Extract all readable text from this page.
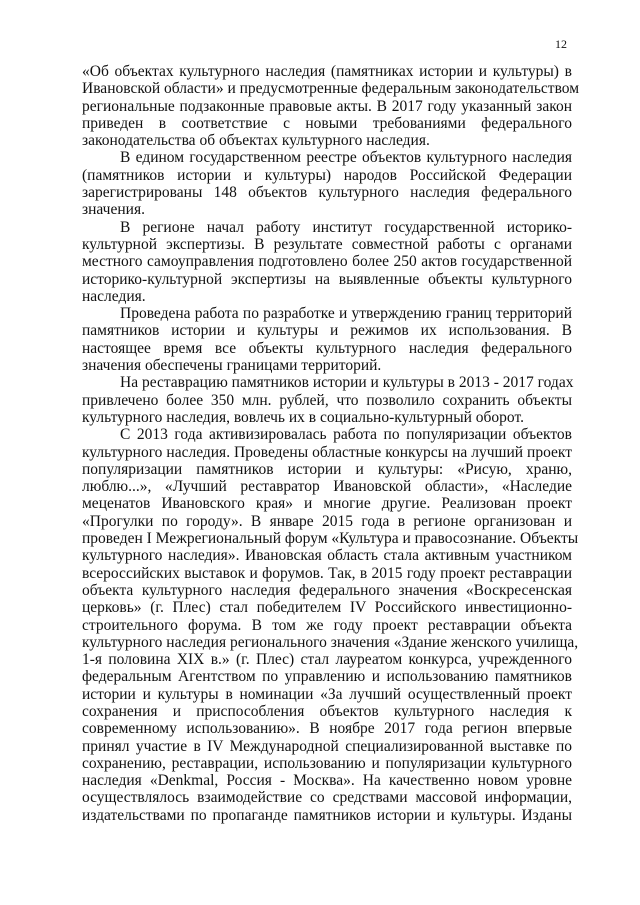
12

«Об объектах культурного наследия (памятниках истории и культуры) в
Ивановской области» и предусмотренные федеральным законодательством
региональные подзаконные правовые акты. В 2017 году указанный закон
приведен в соответствие с новыми требованиями федерального
законодательства об объектах культурного наследия.

В едином государственном реестре объектов культурного наследия
(памятников истории и культуры) народов Российской Федерации
зарегистрированы 148 объектов культурного наследия федерального
значения.

В регионе начал работу институт государственной историко-
культурной экспертизы. В результате совместной работы с органами
местного самоуправления подготовлено более 250 актов государственной
историко-культурной экспертизы на выявленные объекты культурного
наследия.

Проведена работа по разработке и утверждению границ территорий
памятников истории и культуры и режимов их использования. В
настоящее время все объекты культурного наследия федерального
значения обеспечены границами территорий.

На реставрацию памятников истории и культуры в 2013 - 2017 годах
привлечено более 350 млн. рублей, что позволило сохранить объекты
культурного наследия, вовлечь их в социально-культурный оборот.

С 2013 года активизировалась работа по популяризации объектов
культурного наследия. Проведены областные конкурсы на лучший проект
популяризации памятников истории и культуры: «Рисую, храню,
люблю...», «Лучший реставратор Ивановской области», «Наследие
меценатов Ивановского края» и многие другие. Реализован проект
«Прогулки по городу». В январе 2015 года в регионе организован и
проведен I Межрегиональный форум «Культура и правосознание. Объекты
культурного наследия». Ивановская область стала активным участником
всероссийских выставок и форумов. Так, в 2015 году проект реставрации
объекта культурного наследия федерального значения «Воскресенская
церковь» (г. Плес) стал победителем IV Российского инвестиционно-
строительного форума. В том же году проект реставрации объекта
культурного наследия регионального значения «Здание женского училища,
1-я половина XIX в.» (г. Плес) стал лауреатом конкурса, учрежденного
федеральным Агентством по управлению и использованию памятников
истории и культуры в номинации «За лучший осуществленный проект
сохранения и приспособления объектов культурного наследия к
современному использованию». В ноябре 2017 года регион впервые
принял участие в IV Международной специализированной выставке по
сохранению, реставрации, использованию и популяризации культурного
наследия «Denkmal, Россия - Москва». На качественно новом уровне
осуществлялось взаимодействие со средствами массовой информации,
издательствами по пропаганде памятников истории и культуры. Изданы
